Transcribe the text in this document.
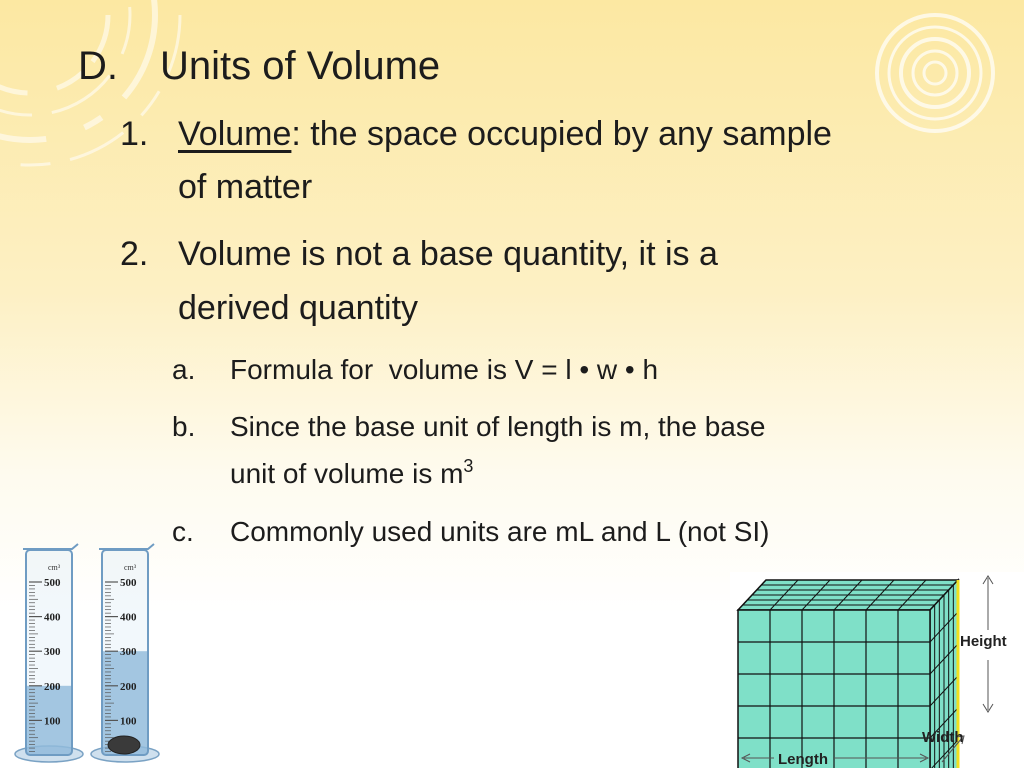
D. Units of Volume
1. Volume: the space occupied by any sample
of matter
2. Volume is not a base quantity, it is a
derived quantity
a. Formula for  volume is V = l • w • h
b. Since the base unit of length is m, the base
unit of volume is $m^3$
c. Commonly used units are mL and L (not SI)
cm³
500
400
300
200
100
cm³
500
400
300
200
100
Height
Width
Length
